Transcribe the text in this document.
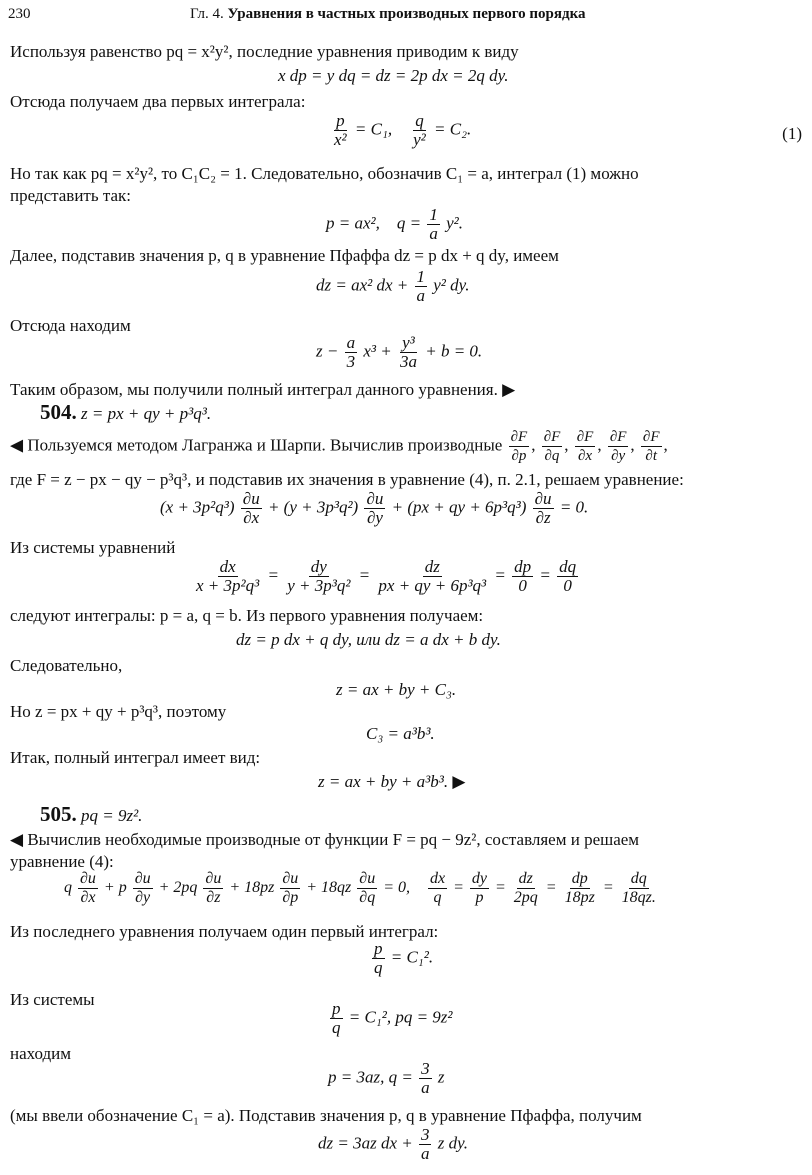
230	Гл. 4. Уравнения в частных производных первого порядка
Используя равенство pq = x²y², последние уравнения приводим к виду
x dp = y dq = dz = 2p dx = 2q dy.
Отсюда получаем два первых интеграла:
$\frac{p}{\text{x²}} = C_1$, $\frac{q}{\text{y²}} = C_2$.	(1)
Но так как pq = x²y², то C₁C₂ = 1. Следовательно, обозначив C₁ = a, интеграл (1) можно
представить так:
p = ax², $q = \frac{1}{a} y^2$.
Далее, подставив значения p, q в уравнение Пфаффа dz = p dx + q dy, имеем
dz = ax² dx + $\frac{1}{a} y^2$ dy.
Отсюда находим
$z - \frac{a}{3} x^3 + \frac{\text{y³}}{3a} + b = 0$.
Таким образом, мы получили полный интеграл данного уравнения. ▶
504. z = px + qy + p³q³.
◀ Пользуемся методом Лагранжа и Шарпи. Вычислив производные $\frac{\partial F}{\partial p}$ , $\frac{\partial F}{\partial q}$ , $\frac{\partial F}{\partial x}$ , $\frac{\partial F}{\partial y}$ , $\frac{\partial F}{\partial t}$ ,
где F = z − px − qy − p³q³, и подставив их значения в уравнение (4), п. 2.1, решаем уравнение:
$(x + 3p^2q^3) \frac{\partial u}{\partial x} + (y + 3p^3q^2) \frac{\partial u}{\partial y} + (px$ + qy + $6p^3q^3) \frac{\partial u}{\partial z} = 0$.
Из системы уравнений
$\frac{dx}{\text{x + 3p²q³}} = \frac{dy}{\text{y + 3p³q²}} = \frac{dz}{\text{px + qy + 6p³q³}} = \frac{dp}{0} = \frac{dq}{0}$
следуют интегралы: p = a, q = b. Из первого уравнения получаем:
dz = p dx + q dy, или dz = a dx + b dy.
Следовательно,
z = ax + by + C₃.
Но z = px + qy + p³q³, поэтому
C₃ = a³b³.
Итак, полный интеграл имеет вид:
z = ax + by + a³b³. ▶
505. pq = 9z².
◀ Вычислив необходимые производные от функции F = pq − 9z², составляем и решаем
уравнение (4):
q $\frac{\partial u}{\partial x} + p \frac{\partial u}{\partial y} + 2pq \frac{\partial u}{\partial z} + 18pz \frac{\partial u}{\partial p} + 18qz \frac{\partial u}{\partial q} = 0$, $\frac{dx}{q} = \frac{dy}{p} = \frac{dz}{2pq} = \frac{dp}{18pz} = \frac{dq}{18qz.}$
Из последнего уравнения получаем один первый интеграл:
$\frac{p}{q} = C_1^2$.
Из системы
$\frac{p}{q} = C_1^2$, pq = 9z²
находим
p = 3az, $q = \frac{3}{a}$ z
(мы ввели обозначение C₁ = a). Подставив значения p, q в уравнение Пфаффа, получим
dz = 3az dx + $\frac{3}{a}$ z dy.
